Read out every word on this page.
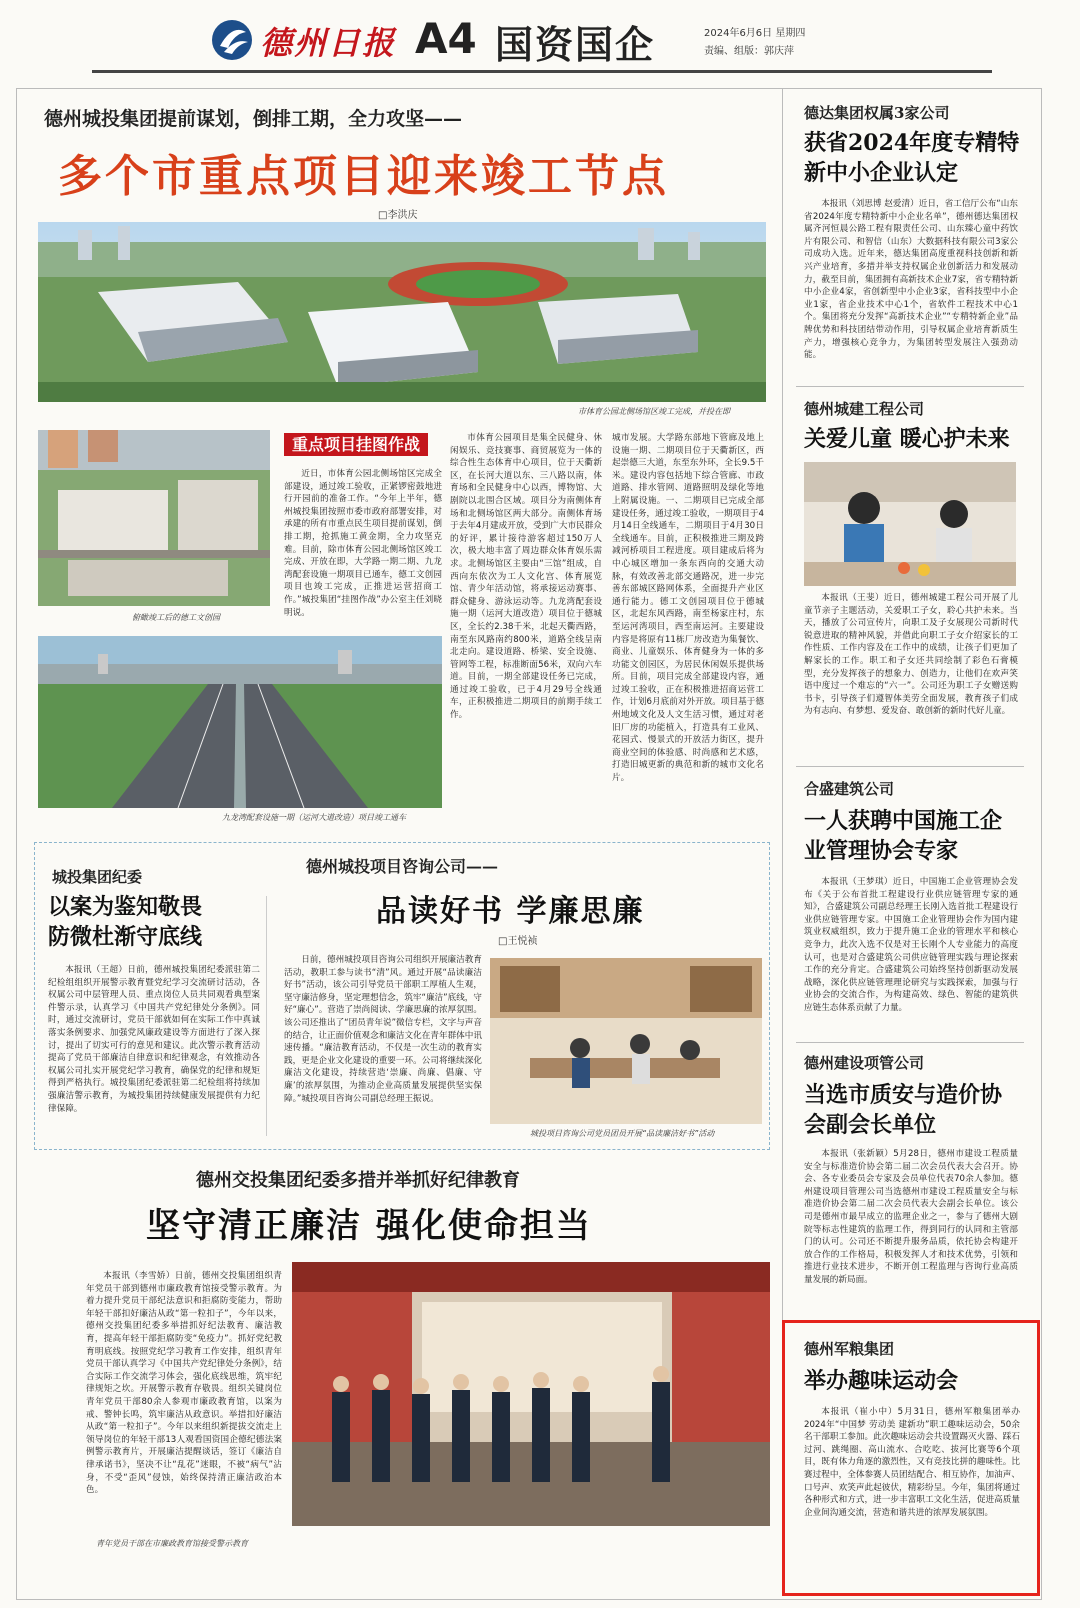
德州日报 A4 国资国企	2024年6月6日 星期四
责编、组版：郭庆萍
德州城投集团提前谋划，倒排工期，全力攻坚——
多个市重点项目迎来竣工节点
□李洪庆
市体育公园北侧场馆区竣工完成，并投在即
俯瞰竣工后的德工文创园
九龙湾配套设施一期（运河大道改造）项目竣工通车
重点项目挂图作战
近日，市体育公园北侧场馆区完成全部建设，通过竣工验收，正紧锣密鼓地进行开园前的准备工作。“今年上半年，德州城投集团按照市委市政府部署安排，对承建的所有市重点民生项目提前谋划，倒排工期，抢抓施工黄金期，全力攻坚克难。目前，除市体育公园北侧场馆区竣工完成、开放在即，大学路一期二期、九龙湾配套设施一期项目已通车，德工文创园项目也竣工完成，正推进运营招商工作。”城投集团“挂图作战”办公室主任刘晓明说。
市体育公园项目是集全民健身、休闲娱乐、竞技赛事、商贸展览为一体的综合性生态体育中心项目，位于天衢新区，在长河大道以东、三八路以南，体育场和全民健身中心以西，博物馆、大剧院以北围合区域。项目分为南侧体育场和北侧场馆区两大部分。南侧体育场于去年4月建成开放，受到广大市民群众的好评，累计接待游客超过150万人次，极大地丰富了周边群众体育娱乐需求。北侧场馆区主要由“三馆”组成，自西向东依次为工人文化宫、体育展览馆、青少年活动馆，将承接运动赛事、群众健身、游泳运动等。九龙湾配套设施一期（运河大道改造）项目位于德城区，全长约2.38千米，北起天衢西路，南至东风路南约800米，道路全线呈南北走向。建设道路、桥梁、安全设施、管网等工程，标准断面56米，双向六车道。目前，一期全部建设任务已完成，通过竣工验收，已于4月29号全线通车，正积极推进二期项目的前期手续工作。
城市发展。大学路东部地下管廊及地上设施一期、二期项目位于天衢新区，西起崇德三大道，东至东外环，全长9.5千米。建设内容包括地下综合管廊、市政道路、排水管网、道路照明及绿化等地上附属设施。一、二期项目已完成全部建设任务，通过竣工验收，一期项目于4月14日全线通车，二期项目于4月30日全线通车。目前，正积极推进三期及跨减河桥项目工程进度。项目建成后将为中心城区增加一条东西向的交通大动脉，有效改善北部交通路况，进一步完善东部城区路网体系，全面提升产业区通行能力。德工文创园项目位于德城区，北起东风西路，南至杨家庄村，东至运河湾项目，西至南运河。主要建设内容是将原有11栋厂房改造为集餐饮、商业、儿童娱乐、体育健身为一体的多功能文创园区，为居民休闲娱乐提供场所。目前，项目完成全部建设内容，通过竣工验收，正在积极推进招商运营工作，计划6月底前对外开放。项目基于德州地域文化及人文生活习惯，通过对老旧厂房的功能植入，打造具有工业风、花园式、慢景式的开放活力街区，提升商业空间的体验感、时尚感和艺术感，打造旧城更新的典范和新的城市文化名片。
德州城投项目咨询公司——
品读好书 学廉思廉
□王悦祯
日前，德州城投项目咨询公司组织开展廉洁教育活动，教职工参与读书“清”风。通过开展“品读廉洁好书”活动，该公司引导党员干部职工厚植人生观，坚守廉洁修身，坚定理想信念，筑牢“廉洁”底线，守好“廉心”。营造了崇尚阅读、学廉思廉的浓厚氛围。该公司还推出了“团员青年说”微信专栏，文字与声音的结合，让正面价值观念和廉洁文化在青年群体中讯速传播。“廉洁教育活动，不仅是一次生动的教育实践，更是企业文化建设的重要一环。公司将继续深化廉洁文化建设，持续营造‘崇廉、尚廉、倡廉、守廉’的浓厚氛围，为推动企业高质量发展提供坚实保障。”城投项目咨询公司副总经理王振说。
城投项目咨询公司党员团员开展“品读廉洁好书”活动
城投集团纪委
以案为鉴知敬畏
防微杜渐守底线
本报讯（王超）日前，德州城投集团纪委派驻第二纪检组组织开展警示教育暨党纪学习交流研讨活动，各权属公司中层管理人员、重点岗位人员共同观看典型案件警示录，认真学习《中国共产党纪律处分条例》。同时，通过交流研讨，党员干部就如何在实际工作中真诚落实条例要求、加强党风廉政建设等方面进行了深入探讨，提出了切实可行的意见和建议。此次警示教育活动提高了党员干部廉洁自律意识和纪律观念，有效推动各权属公司扎实开展党纪学习教育，确保党的纪律和规矩得到严格执行。城投集团纪委派驻第二纪检组将持续加强廉洁警示教育，为城投集团持续健康发展提供有力纪律保障。
德州交投集团纪委多措并举抓好纪律教育
坚守清正廉洁 强化使命担当
本报讯（李雪娇）日前，德州交投集团组织青年党员干部到德州市廉政教育馆接受警示教育。为着力提升党员干部纪法意识和拒腐防变能力，帮助年轻干部扣好廉洁从政“第一粒扣子”，今年以来，德州交投集团纪委多举措抓好纪法教育、廉洁教育，提高年轻干部拒腐防变“免疫力”。抓好党纪教育明底线。按照党纪学习教育工作安排，组织青年党员干部认真学习《中国共产党纪律处分条例》，结合实际工作交流学习体会，强化底线思维，筑牢纪律规矩之坎。开展警示教育存敬畏。组织关键岗位青年党员干部80余人参观市廉政教育馆，以案为戒、警钟长鸣，筑牢廉洁从政意识。举措扣好廉洁从政“第一粒扣子”。今年以来组织新提拔交流走上领导岗位的年轻干部13人观看国资国企德纪德法案例警示教育片，开展廉洁提醒谈话，签订《廉洁自律承诺书》，坚决不让“乱花”迷眼，不被“病气”沾身，不受“歪风”侵蚀，始终保持清正廉洁政治本色。
青年党员干部在市廉政教育馆接受警示教育
德达集团权属3家公司
获省2024年度专精特新中小企业认定
本报讯（刘思博 赵爱清）近日，省工信厅公布“山东省2024年度专精特新中小企业名单”，德州德达集团权属齐河恒晨公路工程有限责任公司、山东臻心童中药饮片有限公司、和智信（山东）大数据科技有限公司3家公司成功入选。近年来，德达集团高度重视科技创新和新兴产业培育，多措并举支持权属企业创新活力和发展动力，截至目前，集团拥有高新技术企业7家，省专精特新中小企业4家，省创新型中小企业3家，省科技型中小企业1家，省企业技术中心1个，省软件工程技术中心1个。集团将充分发挥“高新技术企业”“专精特新企业”品牌优势和科技团结带动作用，引导权属企业培育新质生产力，增强核心竞争力，为集团转型发展注入强劲动能。
德州城建工程公司
关爱儿童 暖心护未来
本报讯（王斐）近日，德州城建工程公司开展了儿童节亲子主题活动，关爱职工子女，聆心共护未来。当天，播放了公司宣传片，向职工及子女展现公司新时代锐意进取的精神风貌，并借此向职工子女介绍家长的工作性质、工作内容及在工作中的成绩，让孩子们更加了解家长的工作。职工和子女还共同绘制了彩色石膏模型，充分发挥孩子的想象力、创造力，让他们在欢声笑语中度过一个难忘的“六一”。公司还为职工子女赠送购书卡，引导孩子们遵智体美劳全面发展，教育孩子们成为有志向、有梦想、爱发奋、敢创新的新时代好儿童。
合盛建筑公司
一人获聘中国施工企业管理协会专家
本报讯（王梦琪）近日，中国施工企业管理协会发布《关于公布首批工程建设行业供应链管理专家的通知》，合盛建筑公司副总经理王长刚入选首批工程建设行业供应链管理专家。中国施工企业管理协会作为国内建筑业权威组织，致力于提升施工企业的管理水平和核心竞争力，此次入选不仅是对王长刚个人专业能力的高度认可，也是对合盛建筑公司供应链管理实践与理论探索工作的充分肯定。合盛建筑公司始终坚持创新驱动发展战略，深化供应链管理理论研究与实践探索，加强与行业协会的交流合作，为构建高效、绿色、智能的建筑供应链生态体系贡献了力量。
德州建设项管公司
当选市质安与造价协会副会长单位
本报讯（张新颖）5月28日，德州市建设工程质量安全与标准造价协会第二届二次会员代表大会召开。协会、各专业委员会专家及会员单位代表70余人参加。德州建设项目管理公司当选德州市建设工程质量安全与标准造价协会第二届二次会员代表大会副会长单位。该公司是德州市最早成立的监理企业之一，参与了德州大剧院等标志性建筑的监理工作，得到同行的认同和主管部门的认可。公司还不断提升服务品质，依托协会构建开放合作的工作格局，积极发挥人才和技术优势，引领和推进行业技术进步，不断开创工程监理与咨询行业高质量发展的新局面。
德州军粮集团
举办趣味运动会
本报讯（崔小中）5月31日，德州军粮集团举办2024年“中国梦 劳动美 建新功”职工趣味运动会，50余名干部职工参加。此次趣味运动会共设置踢灭火器、踩石过河、跳绳圈、高山流水、合吃吃、拔河比赛等6个项目，既有体力角逐的激烈性，又有竞技比拼的趣味性。比赛过程中，全体参赛人员团结配合、相互协作，加油声、口号声、欢笑声此起彼伏，精彩纷呈。今年，集团将通过各种形式和方式，进一步丰富职工文化生活，促进高质量企业间沟通交流，营造和谐共进的浓厚发展氛围。
